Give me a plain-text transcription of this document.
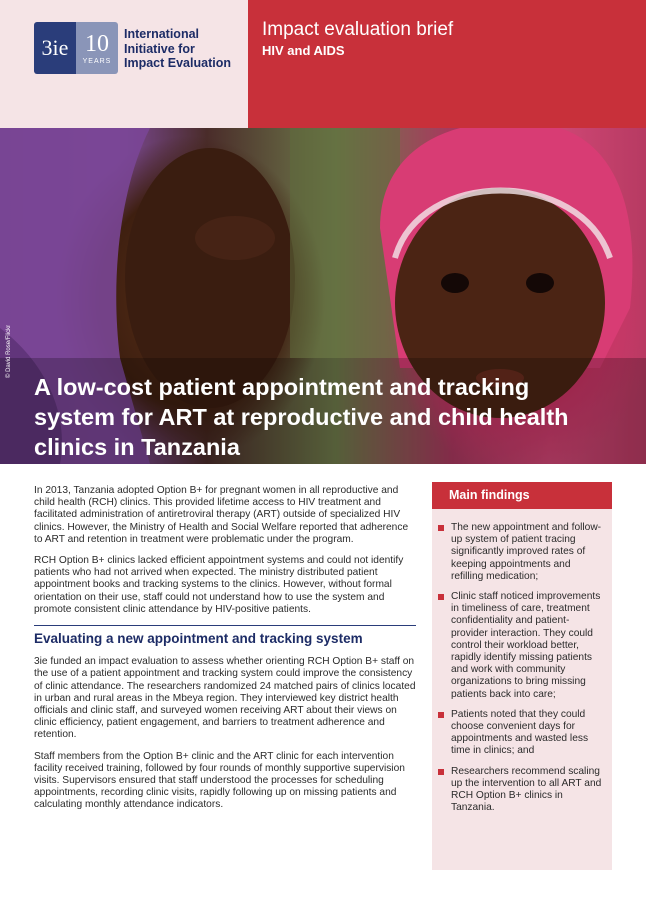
3ie 10
YEARS
International
Initiative for
Impact Evaluation
Impact evaluation brief
HIV and AIDS
© David Rose/Flickr
A low-cost patient appointment and tracking system for ART at reproductive and child health clinics in Tanzania

In 2013, Tanzania adopted Option B+ for pregnant women in all reproductive and child health (RCH) clinics. This provided lifetime access to HIV treatment and facilitated administration of antiretroviral therapy (ART) outside of specialized HIV clinics. However, the Ministry of Health and Social Welfare reported that adherence to ART and retention in treatment were problematic under the program.

RCH Option B+ clinics lacked efficient appointment systems and could not identify patients who had not arrived when expected. The ministry distributed patient appointment books and tracking systems to the clinics. However, without formal orientation on their use, staff could not understand how to use the system and promote consistent clinic attendance by HIV-positive patients.

Evaluating a new appointment and tracking system

3ie funded an impact evaluation to assess whether orienting RCH Option B+ staff on the use of a patient appointment and tracking system could improve the consistency of clinic attendance. The researchers randomized 24 matched pairs of clinics located in urban and rural areas in the Mbeya region. They interviewed key district health officials and clinic staff, and surveyed women receiving ART about their views on clinic efficiency, patient engagement, and barriers to treatment adherence and retention.

Staff members from the Option B+ clinic and the ART clinic for each intervention facility received training, followed by four rounds of monthly supportive supervision visits. Supervisors ensured that staff understood the processes for scheduling appointments, recording clinic visits, rapidly following up on missing patients and calculating monthly attendance indicators.

Main findings
The new appointment and follow-up system of patient tracing significantly improved rates of keeping appointments and refilling medication;
Clinic staff noticed improvements in timeliness of care, treatment confidentiality and patient-provider interaction. They could control their workload better, rapidly identify missing patients and work with community organizations to bring missing patients back into care;
Patients noted that they could choose convenient days for appointments and wasted less time in clinics; and
Researchers recommend scaling up the intervention to all ART and RCH Option B+ clinics in Tanzania.
